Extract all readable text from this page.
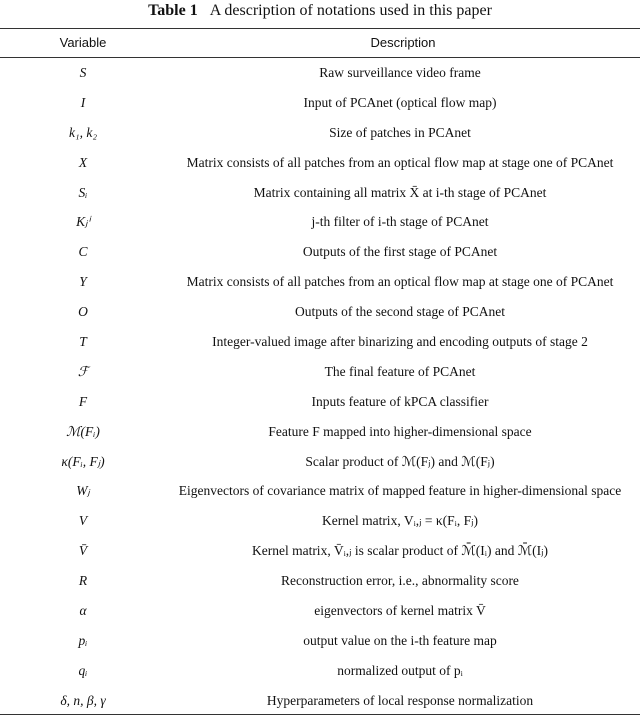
Table 1 A description of notations used in this paper
Variable	Description
S	Raw surveillance video frame
I	Input of PCAnet (optical flow map)
k₁, k₂	Size of patches in PCAnet
X	Matrix consists of all patches from an optical flow map at stage one of PCAnet
Sᵢ	Matrix containing all matrix X̄ at i-th stage of PCAnet
Kⱼⁱ	j-th filter of i-th stage of PCAnet
C	Outputs of the first stage of PCAnet
Y	Matrix consists of all patches from an optical flow map at stage one of PCAnet
O	Outputs of the second stage of PCAnet
T	Integer-valued image after binarizing and encoding outputs of stage 2
ℱ	The final feature of PCAnet
F	Inputs feature of kPCA classifier
ℳ(Fᵢ)	Feature F mapped into higher-dimensional space
κ(Fᵢ, Fⱼ)	Scalar product of ℳ(Fⱼ) and ℳ(Fⱼ)
Wⱼ	Eigenvectors of covariance matrix of mapped feature in higher-dimensional space
V	Kernel matrix, Vᵢ,ⱼ = κ(Fᵢ, Fⱼ)
V̄	Kernel matrix, V̄ᵢ,ⱼ is scalar product of ℳ̄(Iᵢ) and ℳ̄(Iⱼ)
R	Reconstruction error, i.e., abnormality score
α	eigenvectors of kernel matrix V̄
pᵢ	output value on the i-th feature map
qᵢ	normalized output of pᵢ
δ, n, β, γ	Hyperparameters of local response normalization
